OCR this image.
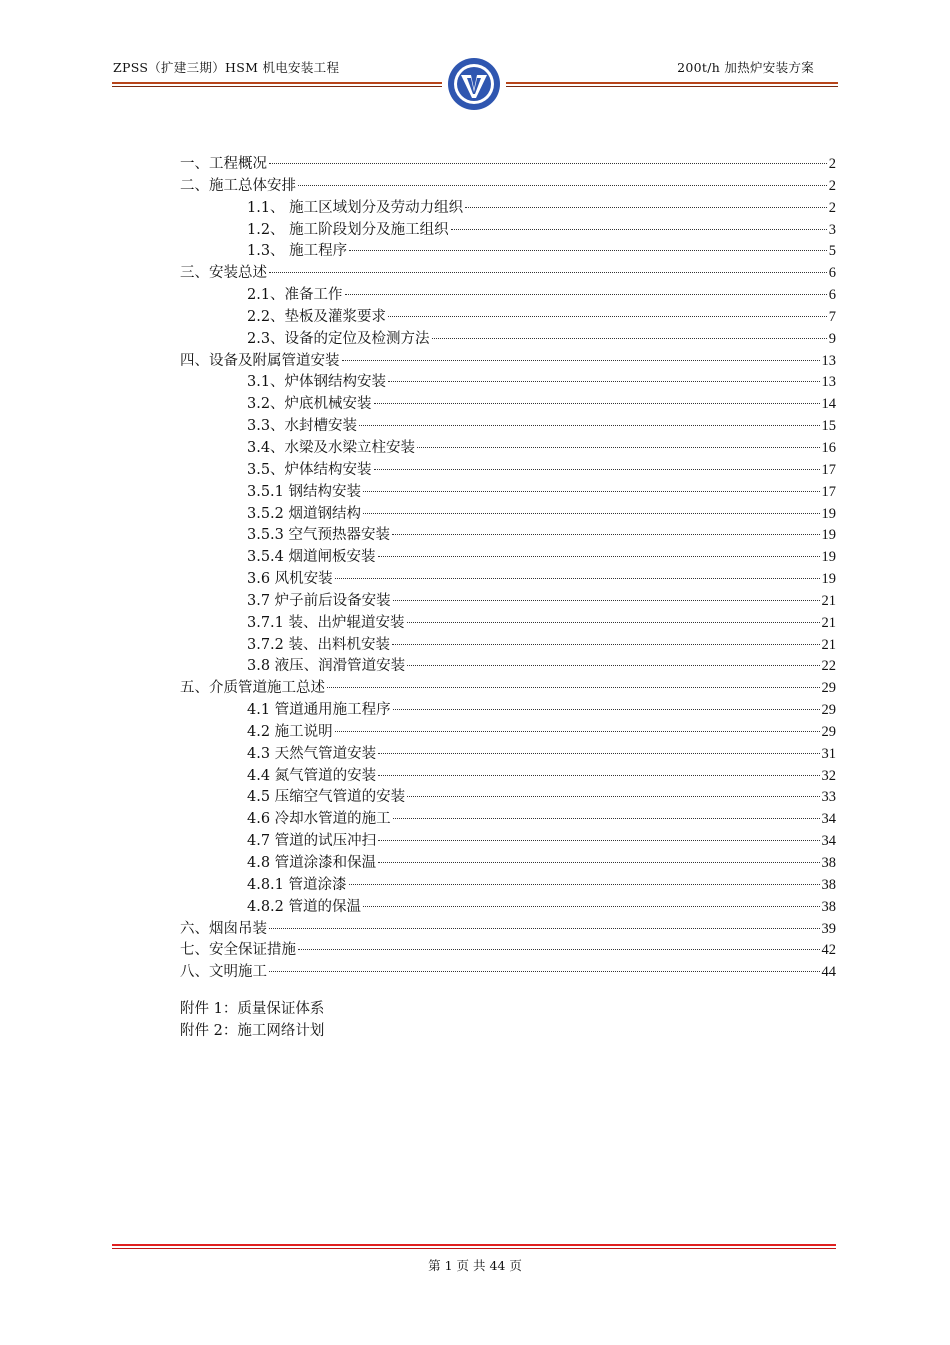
ZPSS（扩建三期）HSM 机电安装工程	200t/h 加热炉安装方案
一、工程概况	2
二、施工总体安排	2
1.1、 施工区域划分及劳动力组织	2
1.2、 施工阶段划分及施工组织	3
1.3、 施工程序	5
三、安装总述	6
2.1、准备工作	6
2.2、垫板及灌浆要求	7
2.3、设备的定位及检测方法	9
四、设备及附属管道安装	13
3.1、炉体钢结构安装	13
3.2、炉底机械安装	14
3.3、水封槽安装	15
3.4、水梁及水梁立柱安装	16
3.5、炉体结构安装	17
3.5.1 钢结构安装	17
3.5.2 烟道钢结构	19
3.5.3 空气预热器安装	19
3.5.4 烟道闸板安装	19
3.6 风机安装	19
3.7 炉子前后设备安装	21
3.7.1 装、出炉辊道安装	21
3.7.2 装、出料机安装	21
3.8 液压、润滑管道安装	22
五、介质管道施工总述	29
4.1 管道通用施工程序	29
4.2 施工说明	29
4.3 天然气管道安装	31
4.4 氮气管道的安装	32
4.5 压缩空气管道的安装	33
4.6 冷却水管道的施工	34
4.7 管道的试压冲扫	34
4.8 管道涂漆和保温	38
4.8.1 管道涂漆	38
4.8.2 管道的保温	38
六、烟囱吊装	39
七、安全保证措施	42
八、文明施工	44
附件 1：质量保证体系
附件 2：施工网络计划
第 1 页 共 44 页
